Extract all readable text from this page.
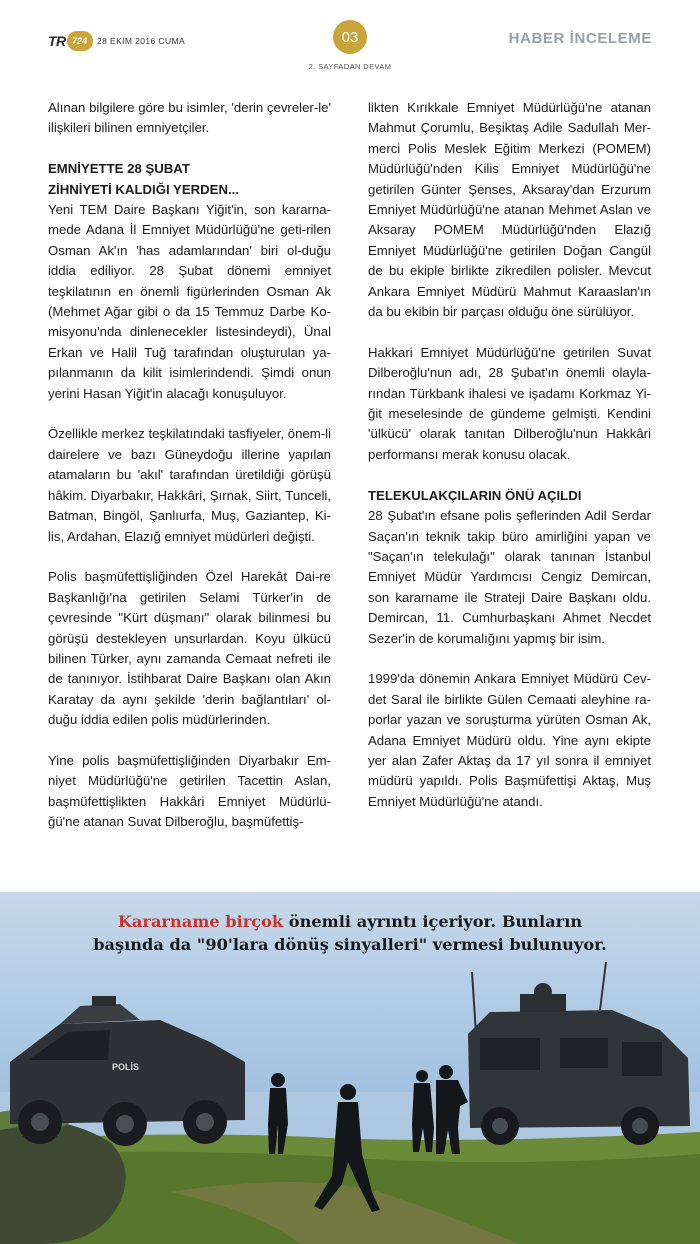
TR 724	28 EKİM 2016 CUMA	03
2. SAYFADAN DEVAM
HABER İNCELEME

Alınan bilgilere göre bu isimler, 'derin çevreler-le' ilişkileri bilinen emniyetçiler.

EMNİYETTE 28 ŞUBAT
ZİHNİYETİ KALDIĞI YERDEN...

Yeni TEM Daire Başkanı Yiğit'in, son kararna-mede Adana İl Emniyet Müdürlüğü'ne geti-rilen Osman Ak'ın 'has adamlarından' biri ol-duğu iddia ediliyor. 28 Şubat dönemi emniyet teşkilatının en önemli figürlerinden Osman Ak (Mehmet Ağar gibi o da 15 Temmuz Darbe Ko-misyonu'nda dinlenecekler listesindeydi), Ünal Erkan ve Halil Tuğ tarafından oluşturulan ya-pılanmanın da kilit isimlerindendi. Şimdi onun yerini Hasan Yiğit'in alacağı konuşuluyor.

Özellikle merkez teşkilatındaki tasfiyeler, önem-li dairelere ve bazı Güneydoğu illerine yapılan atamaların bu 'akıl' tarafından üretildiği görüşü hâkim. Diyarbakır, Hakkâri, Şırnak, Siirt, Tunceli, Batman, Bingöl, Şanlıurfa, Muş, Gaziantep, Ki-lis, Ardahan, Elazığ emniyet müdürleri değişti.

Polis başmüfettişliğinden Özel Harekât Dai-re Başkanlığı'na getirilen Selami Türker'in de çevresinde "Kürt düşmanı" olarak bilinmesi bu görüşü destekleyen unsurlardan. Koyu ülkücü bilinen Türker, aynı zamanda Cemaat nefreti ile de tanınıyor. İstihbarat Daire Başkanı olan Akın Karatay da aynı şekilde 'derin bağlantıları' ol-duğu iddia edilen polis müdürlerinden.

Yine polis başmüfettişliğinden Diyarbakır Em-niyet Müdürlüğü'ne getirilen Tacettin Aslan, başmüfettişlikten Hakkâri Emniyet Müdürlü-ğü'ne atanan Suvat Dilberoğlu, başmüfettiş-

likten Kırıkkale Emniyet Müdürlüğü'ne atanan Mahmut Çorumlu, Beşiktaş Adile Sadullah Mer-merci Polis Meslek Eğitim Merkezi (POMEM) Müdürlüğü'nden Kilis Emniyet Müdürlüğü'ne getirilen Günter Şenses, Aksaray'dan Erzurum Emniyet Müdürlüğü'ne atanan Mehmet Aslan ve Aksaray POMEM Müdürlüğü'nden Elazığ Emniyet Müdürlüğü'ne getirilen Doğan Cangül de bu ekiple birlikte zikredilen polisler. Mevcut Ankara Emniyet Müdürü Mahmut Karaaslan'ın da bu ekibin bir parçası olduğu öne sürülüyor.

Hakkari Emniyet Müdürlüğü'ne getirilen Suvat Dilberoğlu'nun adı, 28 Şubat'ın önemli olayla-rından Türkbank ihalesi ve işadamı Korkmaz Yi-ğit meselesinde de gündeme gelmişti. Kendini 'ülkücü' olarak tanıtan Dilberoğlu'nun Hakkâri performansı merak konusu olacak.

TELEKULAKÇILARIN ÖNÜ AÇILDI

28 Şubat'ın efsane polis şeflerinden Adil Serdar Saçan'ın teknik takip büro amirliğini yapan ve "Saçan'ın telekulağı" olarak tanınan İstanbul Emniyet Müdür Yardımcısı Cengiz Demircan, son kararname ile Strateji Daire Başkanı oldu. Demircan, 11. Cumhurbaşkanı Ahmet Necdet Sezer'in de korumalığını yapmış bir isim.

1999'da dönemin Ankara Emniyet Müdürü Cev-det Saral ile birlikte Gülen Cemaati aleyhine ra-porlar yazan ve soruşturma yürüten Osman Ak, Adana Emniyet Müdürü oldu. Yine aynı ekipte yer alan Zafer Aktaş da 17 yıl sonra il emniyet müdürü yapıldı. Polis Başmüfettişi Aktaş, Muş Emniyet Müdürlüğü'ne atandı.

POLİS
Kararname birçok önemli ayrıntı içeriyor. Bunların
başında da "90'lara dönüş sinyalleri" vermesi bulunuyor.
